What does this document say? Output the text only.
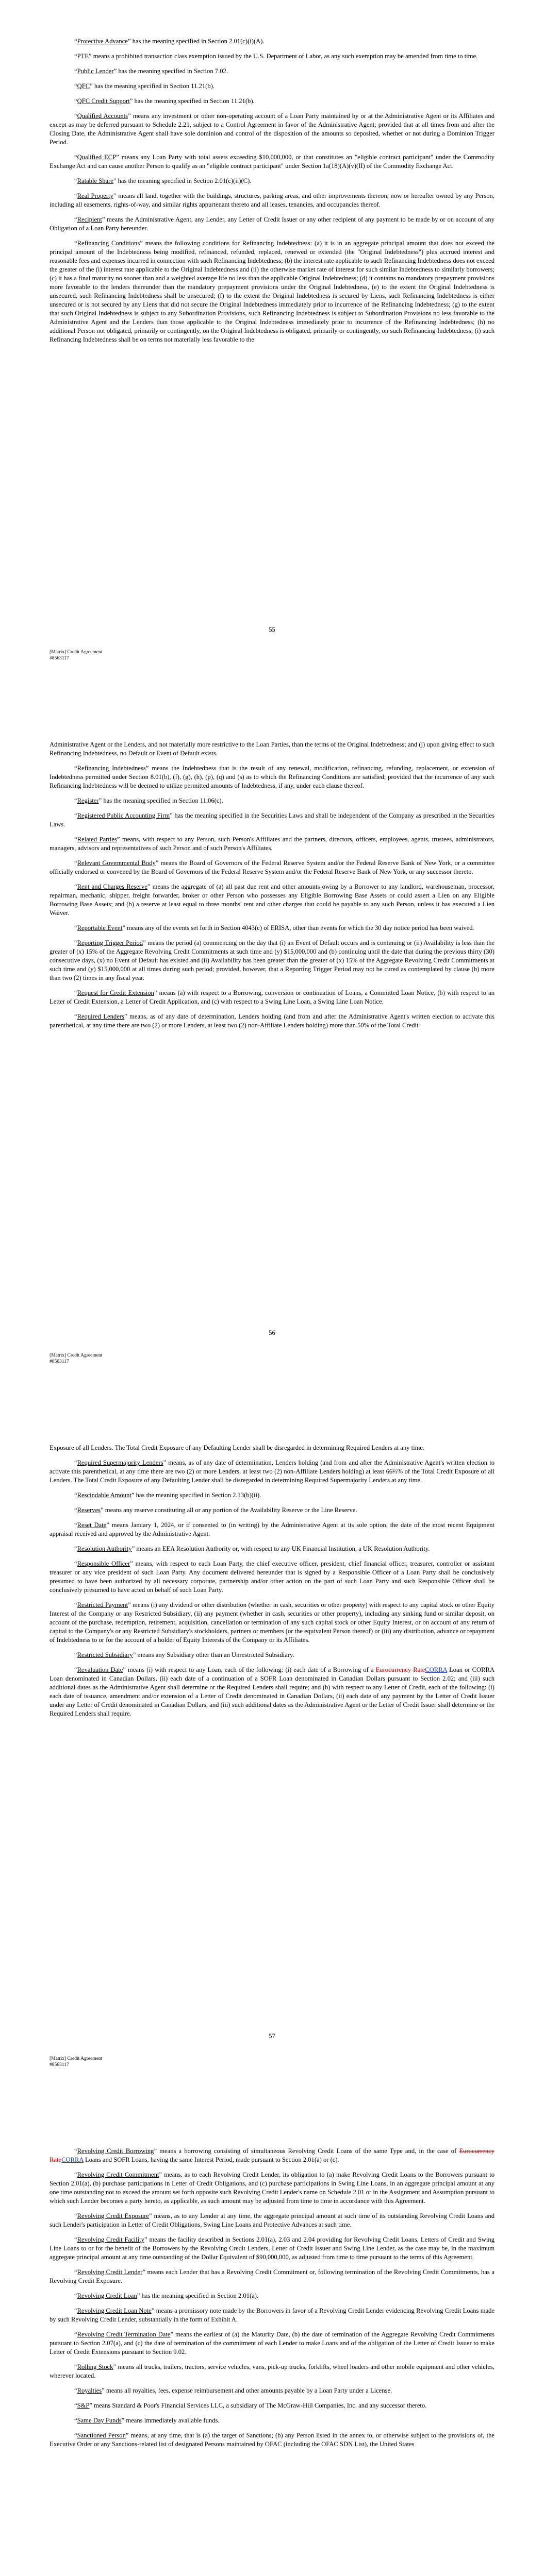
“Protective Advance” has the meaning specified in Section 2.01(c)(i)(A).

“PTE” means a prohibited transaction class exemption issued by the U.S. Department of Labor, as any such exemption may be amended from time to time.

“Public Lender” has the meaning specified in Section 7.02.

“QFC” has the meaning specified in Section 11.21(b).

“QFC Credit Support” has the meaning specified in Section 11.21(b).

“Qualified Accounts” means any investment or other non-operating account of a Loan Party maintained by or at the Administrative Agent or its Affiliates and except as may be deferred pursuant to Schedule 2.21, subject to a Control Agreement in favor of the Administrative Agent; provided that at all times from and after the Closing Date, the Administrative Agent shall have sole dominion and control of the disposition of the amounts so deposited, whether or not during a Dominion Trigger Period.

“Qualified ECP” means any Loan Party with total assets exceeding $10,000,000, or that constitutes an "eligible contract participant" under the Commodity Exchange Act and can cause another Person to qualify as an "eligible contract participant" under Section 1a(18)(A)(v)(II) of the Commodity Exchange Act.

“Ratable Share” has the meaning specified in Section 2.01(c)(ii)(C).

“Real Property” means all land, together with the buildings, structures, parking areas, and other improvements thereon, now or hereafter owned by any Person, including all easements, rights-of-way, and similar rights appurtenant thereto and all leases, tenancies, and occupancies thereof.

“Recipient” means the Administrative Agent, any Lender, any Letter of Credit Issuer or any other recipient of any payment to be made by or on account of any Obligation of a Loan Party hereunder.

“Refinancing Conditions” means the following conditions for Refinancing Indebtedness: (a) it is in an aggregate principal amount that does not exceed the principal amount of the Indebtedness being modified, refinanced, refunded, replaced, renewed or extended (the "Original Indebtedness") plus accrued interest and reasonable fees and expenses incurred in connection with such Refinancing Indebtedness; (b) the interest rate applicable to such Refinancing Indebtedness does not exceed the greater of the (i) interest rate applicable to the Original Indebtedness and (ii) the otherwise market rate of interest for such similar Indebtedness to similarly borrowers; (c) it has a final maturity no sooner than and a weighted average life no less than the applicable Original Indebtedness; (d) it contains no mandatory prepayment provisions more favorable to the lenders thereunder than the mandatory prepayment provisions under the Original Indebtedness, (e) to the extent the Original Indebtedness is unsecured, such Refinancing Indebtedness shall be unsecured; (f) to the extent the Original Indebtedness is secured by Liens, such Refinancing Indebtedness is either unsecured or is not secured by any Liens that did not secure the Original Indebtedness immediately prior to incurrence of the Refinancing Indebtedness; (g) to the extent that such Original Indebtedness is subject to any Subordination Provisions, such Refinancing Indebtedness is subject to Subordination Provisions no less favorable to the Administrative Agent and the Lenders than those applicable to the Original Indebtedness immediately prior to incurrence of the Refinancing Indebtedness; (h) no additional Person not obligated, primarily or contingently, on the Original Indebtedness is obligated, primarily or contingently, on such Refinancing Indebtedness; (i) such Refinancing Indebtedness shall be on terms not materially less favorable to the

55
[Matrix] Credit Agreement
#8563117

Administrative Agent or the Lenders, and not materially more restrictive to the Loan Parties, than the terms of the Original Indebtedness; and (j) upon giving effect to such Refinancing Indebtedness, no Default or Event of Default exists.

“Refinancing Indebtedness” means the Indebtedness that is the result of any renewal, modification, refinancing, refunding, replacement, or extension of Indebtedness permitted under Section 8.01(b), (f), (g), (h), (p), (q) and (s) as to which the Refinancing Conditions are satisfied; provided that the incurrence of any such Refinancing Indebtedness will be deemed to utilize permitted amounts of Indebtedness, if any, under each clause thereof.

“Register” has the meaning specified in Section 11.06(c).

“Registered Public Accounting Firm” has the meaning specified in the Securities Laws and shall be independent of the Company as prescribed in the Securities Laws.

“Related Parties” means, with respect to any Person, such Person's Affiliates and the partners, directors, officers, employees, agents, trustees, administrators, managers, advisors and representatives of such Person and of such Person's Affiliates.

“Relevant Governmental Body” means the Board of Governors of the Federal Reserve System and/or the Federal Reserve Bank of New York, or a committee officially endorsed or convened by the Board of Governors of the Federal Reserve System and/or the Federal Reserve Bank of New York, or any successor thereto.

“Rent and Charges Reserve” means the aggregate of (a) all past due rent and other amounts owing by a Borrower to any landlord, warehouseman, processor, repairman, mechanic, shipper, freight forwarder, broker or other Person who possesses any Eligible Borrowing Base Assets or could assert a Lien on any Eligible Borrowing Base Assets; and (b) a reserve at least equal to three months' rent and other charges that could be payable to any such Person, unless it has executed a Lien Waiver.

“Reportable Event” means any of the events set forth in Section 4043(c) of ERISA, other than events for which the 30 day notice period has been waived.

“Reporting Trigger Period” means the period (a) commencing on the day that (i) an Event of Default occurs and is continuing or (ii) Availability is less than the greater of (x) 15% of the Aggregate Revolving Credit Commitments at such time and (y) $15,000,000 and (b) continuing until the date that during the previous thirty (30) consecutive days, (x) no Event of Default has existed and (ii) Availability has been greater than the greater of (x) 15% of the Aggregate Revolving Credit Commitments at such time and (y) $15,000,000 at all times during such period; provided, however, that a Reporting Trigger Period may not be cured as contemplated by clause (b) more than two (2) times in any fiscal year.

“Request for Credit Extension” means (a) with respect to a Borrowing, conversion or continuation of Loans, a Committed Loan Notice, (b) with respect to an Letter of Credit Extension, a Letter of Credit Application, and (c) with respect to a Swing Line Loan, a Swing Line Loan Notice.

“Required Lenders” means, as of any date of determination, Lenders holding (and from and after the Administrative Agent's written election to activate this parenthetical, at any time there are two (2) or more Lenders, at least two (2) non-Affiliate Lenders holding) more than 50% of the Total Credit

56
[Matrix] Credit Agreement
#8563117

Exposure of all Lenders. The Total Credit Exposure of any Defaulting Lender shall be disregarded in determining Required Lenders at any time.

“Required Supermajority Lenders” means, as of any date of determination, Lenders holding (and from and after the Administrative Agent's written election to activate this parenthetical, at any time there are two (2) or more Lenders, at least two (2) non-Affiliate Lenders holding) at least 66⅔% of the Total Credit Exposure of all Lenders. The Total Credit Exposure of any Defaulting Lender shall be disregarded in determining Required Supermajority Lenders at any time.

“Rescindable Amount” has the meaning specified in Section 2.13(b)(ii).

“Reserves” means any reserve constituting all or any portion of the Availability Reserve or the Line Reserve.

“Reset Date” means January 1, 2024, or if consented to (in writing) by the Administrative Agent at its sole option, the date of the most recent Equipment appraisal received and approved by the Administrative Agent.

“Resolution Authority” means an EEA Resolution Authority or, with respect to any UK Financial Institution, a UK Resolution Authority.

“Responsible Officer” means, with respect to each Loan Party, the chief executive officer, president, chief financial officer, treasurer, controller or assistant treasurer or any vice president of such Loan Party. Any document delivered hereunder that is signed by a Responsible Officer of a Loan Party shall be conclusively presumed to have been authorized by all necessary corporate, partnership and/or other action on the part of such Loan Party and such Responsible Officer shall be conclusively presumed to have acted on behalf of such Loan Party.

“Restricted Payment” means (i) any dividend or other distribution (whether in cash, securities or other property) with respect to any capital stock or other Equity Interest of the Company or any Restricted Subsidiary, (ii) any payment (whether in cash, securities or other property), including any sinking fund or similar deposit, on account of the purchase, redemption, retirement, acquisition, cancellation or termination of any such capital stock or other Equity Interest, or on account of any return of capital to the Company's or any Restricted Subsidiary's stockholders, partners or members (or the equivalent Person thereof) or (iii) any distribution, advance or repayment of Indebtedness to or for the account of a holder of Equity Interests of the Company or its Affiliates.

“Restricted Subsidiary” means any Subsidiary other than an Unrestricted Subsidiary.

“Revaluation Date” means (i) with respect to any Loan, each of the following: (i) each date of a Borrowing of a Eurocurrency RateCORRA Loan or CORRA Loan denominated in Canadian Dollars, (ii) each date of a continuation of a SOFR Loan denominated in Canadian Dollars pursuant to Section 2.02; and (iii) such additional dates as the Administrative Agent shall determine or the Required Lenders shall require; and (b) with respect to any Letter of Credit, each of the following: (i) each date of issuance, amendment and/or extension of a Letter of Credit denominated in Canadian Dollars, (ii) each date of any payment by the Letter of Credit Issuer under any Letter of Credit denominated in Canadian Dollars, and (iii) such additional dates as the Administrative Agent or the Letter of Credit Issuer shall determine or the Required Lenders shall require.

57
[Matrix] Credit Agreement
#8563117

“Revolving Credit Borrowing” means a borrowing consisting of simultaneous Revolving Credit Loans of the same Type and, in the case of Eurocurrency RateCORRA Loans and SOFR Loans, having the same Interest Period, made pursuant to Section 2.01(a) or (c).

“Revolving Credit Commitment” means, as to each Revolving Credit Lender, its obligation to (a) make Revolving Credit Loans to the Borrowers pursuant to Section 2.01(a), (b) purchase participations in Letter of Credit Obligations, and (c) purchase participations in Swing Line Loans, in an aggregate principal amount at any one time outstanding not to exceed the amount set forth opposite such Revolving Credit Lender's name on Schedule 2.01 or in the Assignment and Assumption pursuant to which such Lender becomes a party hereto, as applicable, as such amount may be adjusted from time to time in accordance with this Agreement.

“Revolving Credit Exposure” means, as to any Lender at any time, the aggregate principal amount at such time of its outstanding Revolving Credit Loans and such Lender's participation in Letter of Credit Obligations, Swing Line Loans and Protective Advances at such time.

“Revolving Credit Facility” means the facility described in Sections 2.01(a), 2.03 and 2.04 providing for Revolving Credit Loans, Letters of Credit and Swing Line Loans to or for the benefit of the Borrowers by the Revolving Credit Lenders, Letter of Credit Issuer and Swing Line Lender, as the case may be, in the maximum aggregate principal amount at any time outstanding of the Dollar Equivalent of $90,000,000, as adjusted from time to time pursuant to the terms of this Agreement.

“Revolving Credit Lender” means each Lender that has a Revolving Credit Commitment or, following termination of the Revolving Credit Commitments, has a Revolving Credit Exposure.

“Revolving Credit Loan” has the meaning specified in Section 2.01(a).

“Revolving Credit Loan Note” means a promissory note made by the Borrowers in favor of a Revolving Credit Lender evidencing Revolving Credit Loans made by such Revolving Credit Lender, substantially in the form of Exhibit A.

“Revolving Credit Termination Date” means the earliest of (a) the Maturity Date, (b) the date of termination of the Aggregate Revolving Credit Commitments pursuant to Section 2.07(a), and (c) the date of termination of the commitment of each Lender to make Loans and of the obligation of the Letter of Credit Issuer to make Letter of Credit Extensions pursuant to Section 9.02.

“Rolling Stock” means all trucks, trailers, tractors, service vehicles, vans, pick-up trucks, forklifts, wheel loaders and other mobile equipment and other vehicles, wherever located.

“Royalties” means all royalties, fees, expense reimbursement and other amounts payable by a Loan Party under a License.

“S&P” means Standard & Poor's Financial Services LLC, a subsidiary of The McGraw-Hill Companies, Inc. and any successor thereto.

“Same Day Funds” means immediately available funds.

“Sanctioned Person” means, at any time, that is (a) the target of Sanctions; (b) any Person listed in the annex to, or otherwise subject to the provisions of, the Executive Order or any Sanctions-related list of designated Persons maintained by OFAC (including the OFAC SDN List), the United States
